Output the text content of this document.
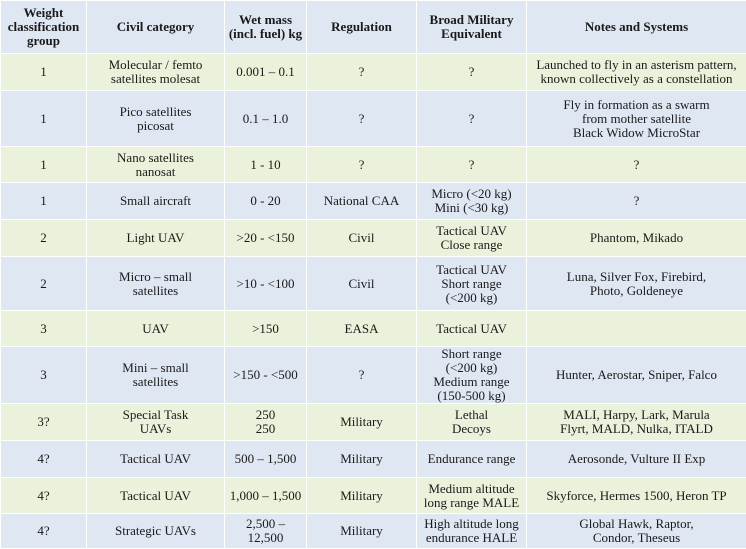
Weight
classification
group	Civil category	Wet mass
(incl. fuel) kg	Regulation	Broad Military
Equivalent	Notes and Systems
1	Molecular / femto
satellites molesat	0.001 – 0.1	?	?	Launched to fly in an asterism pattern,
known collectively as a constellation
1	Pico satellites
picosat	0.1 – 1.0	?	?	Fly in formation as a swarm
from mother satellite
Black Widow MicroStar
1	Nano satellites
nanosat	1 - 10	?	?	?
1	Small aircraft	0 - 20	National CAA	Micro (<20 kg)
Mini (<30 kg)	?
2	Light UAV	>20 - <150	Civil	Tactical UAV
Close range	Phantom, Mikado
2	Micro – small
satellites	>10 - <100	Civil	Tactical UAV
Short range
(<200 kg)	Luna, Silver Fox, Firebird,
Photo, Goldeneye
3	UAV	>150	EASA	Tactical UAV	
3	Mini – small
satellites	>150 - <500	?	Short range
(<200 kg)
Medium range
(150-500 kg)	Hunter, Aerostar, Sniper, Falco
3?	Special Task
UAVs	250
250	Military	Lethal
Decoys	MALI, Harpy, Lark, Marula
Flyrt, MALD, Nulka, ITALD
4?	Tactical UAV	500 – 1,500	Military	Endurance range	Aerosonde, Vulture II Exp
4?	Tactical UAV	1,000 – 1,500	Military	Medium altitude
long range MALE	Skyforce, Hermes 1500, Heron TP
4?	Strategic UAVs	2,500 – 12,500	Military	High altitude long
endurance HALE	Global Hawk, Raptor,
Condor, Theseus
